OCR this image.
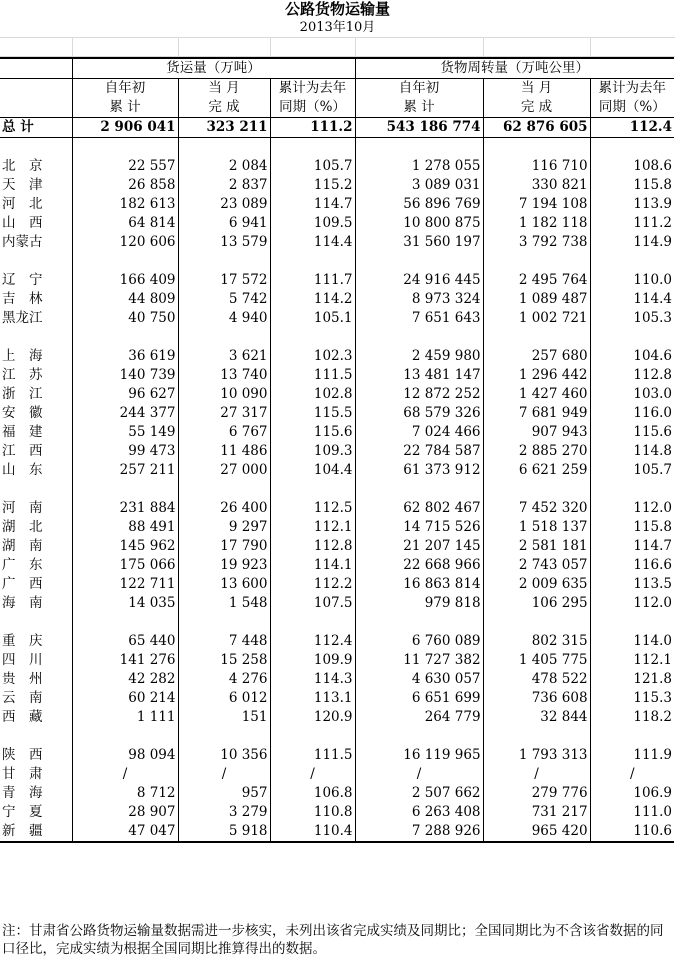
公路货物运输量
2013年10月
	货运量（万吨）			货物周转量（万吨公里）		
	自年初	当 月	累计为去年	自年初	当 月	累计为去年
	累 计	完 成	同期（%）	累 计	完 成	同期（%）
总 计	2 906 041	323 211	111.2	543 186 774	62 876 605	112.4

北　京	22 557	2 084	105.7	1 278 055	116 710	108.6
天　津	26 858	2 837	115.2	3 089 031	330 821	115.8
河　北	182 613	23 089	114.7	56 896 769	7 194 108	113.9
山　西	64 814	6 941	109.5	10 800 875	1 182 118	111.2
内蒙古	120 606	13 579	114.4	31 560 197	3 792 738	114.9

辽　宁	166 409	17 572	111.7	24 916 445	2 495 764	110.0
吉　林	44 809	5 742	114.2	8 973 324	1 089 487	114.4
黑龙江	40 750	4 940	105.1	7 651 643	1 002 721	105.3

上　海	36 619	3 621	102.3	2 459 980	257 680	104.6
江　苏	140 739	13 740	111.5	13 481 147	1 296 442	112.8
浙　江	96 627	10 090	102.8	12 872 252	1 427 460	103.0
安　徽	244 377	27 317	115.5	68 579 326	7 681 949	116.0
福　建	55 149	6 767	115.6	7 024 466	907 943	115.6
江　西	99 473	11 486	109.3	22 784 587	2 885 270	114.8
山　东	257 211	27 000	104.4	61 373 912	6 621 259	105.7

河　南	231 884	26 400	112.5	62 802 467	7 452 320	112.0
湖　北	88 491	9 297	112.1	14 715 526	1 518 137	115.8
湖　南	145 962	17 790	112.8	21 207 145	2 581 181	114.7
广　东	175 066	19 923	114.1	22 668 966	2 743 057	116.6
广　西	122 711	13 600	112.2	16 863 814	2 009 635	113.5
海　南	14 035	1 548	107.5	979 818	106 295	112.0

重　庆	65 440	7 448	112.4	6 760 089	802 315	114.0
四　川	141 276	15 258	109.9	11 727 382	1 405 775	112.1
贵　州	42 282	4 276	114.3	4 630 057	478 522	121.8
云　南	60 214	6 012	113.1	6 651 699	736 608	115.3
西　藏	1 111	151	120.9	264 779	32 844	118.2

陕　西	98 094	10 356	111.5	16 119 965	1 793 313	111.9
甘　肃	/	/	/	/	/	/
青　海	8 712	957	106.8	2 507 662	279 776	106.9
宁　夏	28 907	3 279	110.8	6 263 408	731 217	111.0
新　疆	47 047	5 918	110.4	7 288 926	965 420	110.6
注：甘肃省公路货物运输量数据需进一步核实，未列出该省完成实绩及同期比；全国同期比为不含该省数据的同口径比，完成实绩为根据全国同期比推算得出的数据。
